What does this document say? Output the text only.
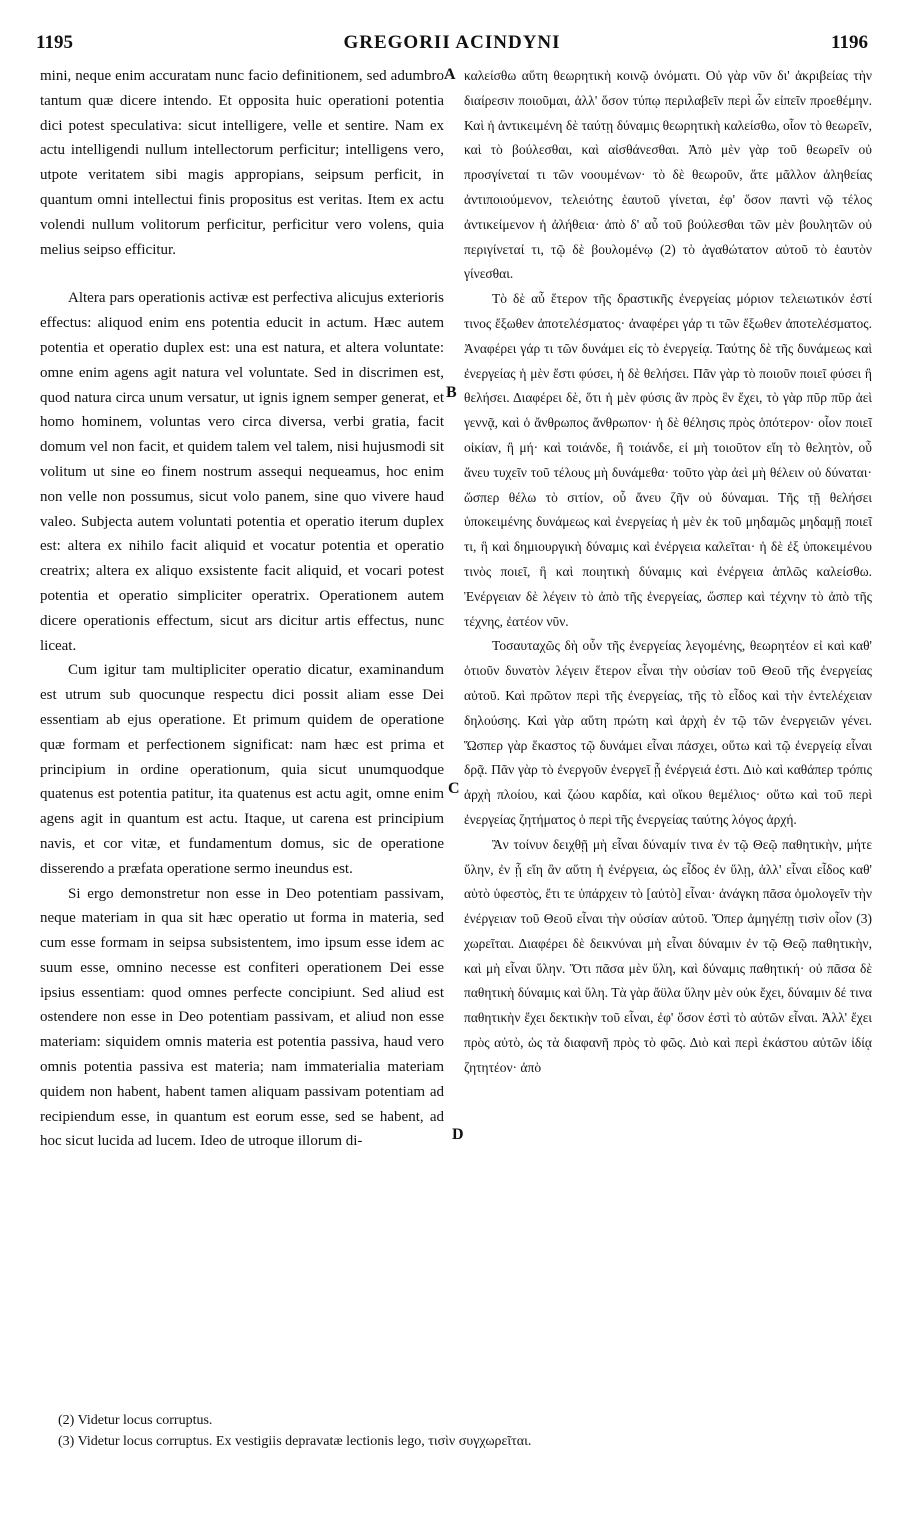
1195	GREGORII ACINDYNI	1196

mini, neque enim accuratam nunc facio definitionem, sed adumbro tantum quæ dicere intendo. Et opposita huic operationi potentia dici potest speculativa: sicut intelligere, velle et sentire. Nam ex actu intelligendi nullum intellectorum perficitur; intelligens vero, utpote veritatem sibi magis appropians, seipsum perficit, in quantum omni intellectui finis propositus est veritas. Item ex actu volendi nullum volitorum perficitur, perficitur vero volens, quia melius seipso efficitur.

Altera pars operationis activæ est perfectiva alicujus exterioris effectus: aliquod enim ens potentia educit in actum. Hæc autem potentia et operatio duplex est: una est natura, et altera voluntate: omne enim agens agit natura vel voluntate. Sed in discrimen est, quod natura circa unum versatur, ut ignis ignem semper generat, et homo hominem, voluntas vero circa diversa, verbi gratia, facit domum vel non facit, et quidem talem vel talem, nisi hujusmodi sit volitum ut sine eo finem nostrum assequi nequeamus, hoc enim non velle non possumus, sicut volo panem, sine quo vivere haud valeo. Subjecta autem voluntati potentia et operatio iterum duplex est: altera ex nihilo facit aliquid et vocatur potentia et operatio creatrix; altera ex aliquo exsistente facit aliquid, et vocari potest potentia et operatio simpliciter operatrix. Operationem autem dicere operationis effectum, sicut ars dicitur artis effectus, nunc liceat.

Cum igitur tam multipliciter operatio dicatur, examinandum est utrum sub quocunque respectu dici possit aliam esse Dei essentiam ab ejus operatione. Et primum quidem de operatione quæ formam et perfectionem significat: nam hæc est prima et principium in ordine operationum, quia sicut unumquodque quatenus est potentia patitur, ita quatenus est actu agit, omne enim agens agit in quantum est actu. Itaque, ut carena est principium navis, et cor vitæ, et fundamentum domus, sic de operatione disserendo a præfata operatione sermo ineundus est.

Si ergo demonstretur non esse in Deo potentiam passivam, neque materiam in qua sit hæc operatio ut forma in materia, sed cum esse formam in seipsa subsistentem, imo ipsum esse idem ac suum esse, omnino necesse est confiteri operationem Dei esse ipsius essentiam: quod omnes perfecte concipiunt. Sed aliud est ostendere non esse in Deo potentiam passivam, et aliud non esse materiam: siquidem omnis materia est potentia passiva, haud vero omnis potentia passiva est materia; nam immaterialia materiam quidem non habent, habent tamen aliquam passivam potentiam ad recipiendum esse, in quantum est eorum esse, sed se habent, ad hoc sicut lucida ad lucem. Ideo de utroque illorum di-

A
B
C
D

καλείσθω αὕτη θεωρητικὴ κοινῷ ὀνόματι. Οὐ γὰρ νῦν δι' ἀκριβείας τὴν διαίρεσιν ποιοῦμαι, ἀλλ' ὅσον τύπῳ περιλαβεῖν περὶ ὧν εἰπεῖν προεθέμην. Καὶ ἡ ἀντικειμένη δὲ ταύτῃ δύναμις θεωρητικὴ καλείσθω, οἷον τὸ θεωρεῖν, καὶ τὸ βούλεσθαι, καὶ αἰσθάνεσθαι. Ἀπὸ μὲν γὰρ τοῦ θεωρεῖν οὐ προσγίνεταί τι τῶν νοουμένων· τὸ δὲ θεωροῦν, ἅτε μᾶλλον ἀληθείας ἀντιποιούμενον, τελειότης ἑαυτοῦ γίνεται, ἐφ' ὅσον παντὶ νῷ τέλος ἀντικείμενον ἡ ἀλήθεια· ἀπὸ δ' αὖ τοῦ βούλεσθαι τῶν μὲν βουλητῶν οὐ περιγίνεταί τι, τῷ δὲ βουλομένῳ (2) τὸ ἀγαθώτατον αὐτοῦ τὸ ἑαυτὸν γίνεσθαι.

Τὸ δὲ αὖ ἕτερον τῆς δραστικῆς ἐνεργείας μόριον τελειωτικόν ἐστί τινος ἔξωθεν ἀποτελέσματος· ἀναφέρει γάρ τι τῶν ἔξωθεν ἀποτελέσματος. Ἀναφέρει γάρ τι τῶν δυνάμει εἰς τὸ ἐνεργείᾳ. Ταύτης δὲ τῆς δυνάμεως καὶ ἐνεργείας ἡ μὲν ἔστι φύσει, ἡ δὲ θελήσει. Πᾶν γὰρ τὸ ποιοῦν ποιεῖ φύσει ἢ θελήσει. Διαφέρει δὲ, ὅτι ἡ μὲν φύσις ἂν πρὸς ἓν ἔχει, τὸ γὰρ πῦρ πῦρ ἀεὶ γεννᾷ, καὶ ὁ ἄνθρωπος ἄνθρωπον· ἡ δὲ θέλησις πρὸς ὁπότερον· οἷον ποιεῖ οἰκίαν, ἢ μή· καὶ τοιάνδε, ἢ τοιάνδε, εἰ μὴ τοιοῦτον εἴη τὸ θελητὸν, οὗ ἄνευ τυχεῖν τοῦ τέλους μὴ δυνάμεθα· τοῦτο γὰρ ἀεὶ μὴ θέλειν οὐ δύναται· ὥσπερ θέλω τὸ σιτίον, οὗ ἄνευ ζῆν οὐ δύναμαι. Τῆς τῇ θελήσει ὑποκειμένης δυνάμεως καὶ ἐνεργείας ἡ μὲν ἐκ τοῦ μηδαμῶς μηδαμῇ ποιεῖ τι, ἣ καὶ δημιουργικὴ δύναμις καὶ ἐνέργεια καλεῖται· ἡ δὲ ἐξ ὑποκειμένου τινὸς ποιεῖ, ἣ καὶ ποιητικὴ δύναμις καὶ ἐνέργεια ἁπλῶς καλείσθω. Ἐνέργειαν δὲ λέγειν τὸ ἀπὸ τῆς ἐνεργείας, ὥσπερ καὶ τέχνην τὸ ἀπὸ τῆς τέχνης, ἐατέον νῦν.

Τοσαυταχῶς δὴ οὖν τῆς ἐνεργείας λεγομένης, θεωρητέον εἰ καὶ καθ' ὁτιοῦν δυνατὸν λέγειν ἕτερον εἶναι τὴν οὐσίαν τοῦ Θεοῦ τῆς ἐνεργείας αὐτοῦ. Καὶ πρῶτον περὶ τῆς ἐνεργείας, τῆς τὸ εἶδος καὶ τὴν ἐντελέχειαν δηλούσης. Καὶ γὰρ αὕτη πρώτη καὶ ἀρχὴ ἐν τῷ τῶν ἐνεργειῶν γένει. Ὥσπερ γὰρ ἕκαστος τῷ δυνάμει εἶναι πάσχει, οὕτω καὶ τῷ ἐνεργείᾳ εἶναι δρᾷ. Πᾶν γὰρ τὸ ἐνεργοῦν ἐνεργεῖ ᾗ ἐνέργειά ἐστι. Διὸ καὶ καθάπερ τρόπις ἀρχὴ πλοίου, καὶ ζώου καρδία, καὶ οἴκου θεμέλιος· οὕτω καὶ τοῦ περὶ ἐνεργείας ζητήματος ὁ περὶ τῆς ἐνεργείας ταύτης λόγος ἀρχή.

Ἂν τοίνυν δειχθῇ μὴ εἶναι δύναμίν τινα ἐν τῷ Θεῷ παθητικὴν, μήτε ὕλην, ἐν ᾗ εἴη ἂν αὕτη ἡ ἐνέργεια, ὡς εἶδος ἐν ὕλῃ, ἀλλ' εἶναι εἶδος καθ' αὑτὸ ὑφεστὸς, ἔτι τε ὑπάρχειν τὸ [αὐτὸ] εἶναι· ἀνάγκη πᾶσα ὁμολογεῖν τὴν ἐνέργειαν τοῦ Θεοῦ εἶναι τὴν οὐσίαν αὐτοῦ. Ὅπερ ἀμηγέπῃ τισὶν οἷον (3) χωρεῖται. Διαφέρει δὲ δεικνύναι μὴ εἶναι δύναμιν ἐν τῷ Θεῷ παθητικὴν, καὶ μὴ εἶναι ὕλην. Ὅτι πᾶσα μὲν ὕλη, καὶ δύναμις παθητική· οὐ πᾶσα δὲ παθητικὴ δύναμις καὶ ὕλη. Τὰ γὰρ ἄϋλα ὕλην μὲν οὐκ ἔχει, δύναμιν δέ τινα παθητικὴν ἔχει δεκτικὴν τοῦ εἶναι, ἐφ' ὅσον ἐστὶ τὸ αὐτῶν εἶναι. Ἀλλ' ἔχει πρὸς αὐτὸ, ὡς τὰ διαφανῆ πρὸς τὸ φῶς. Διὸ καὶ περὶ ἑκάστου αὐτῶν ἰδίᾳ ζητητέον· ἀπὸ

(2) Videtur locus corruptus.

(3) Videtur locus corruptus. Ex vestigiis depravatæ lectionis lego, τισὶν συγχωρεῖται.
